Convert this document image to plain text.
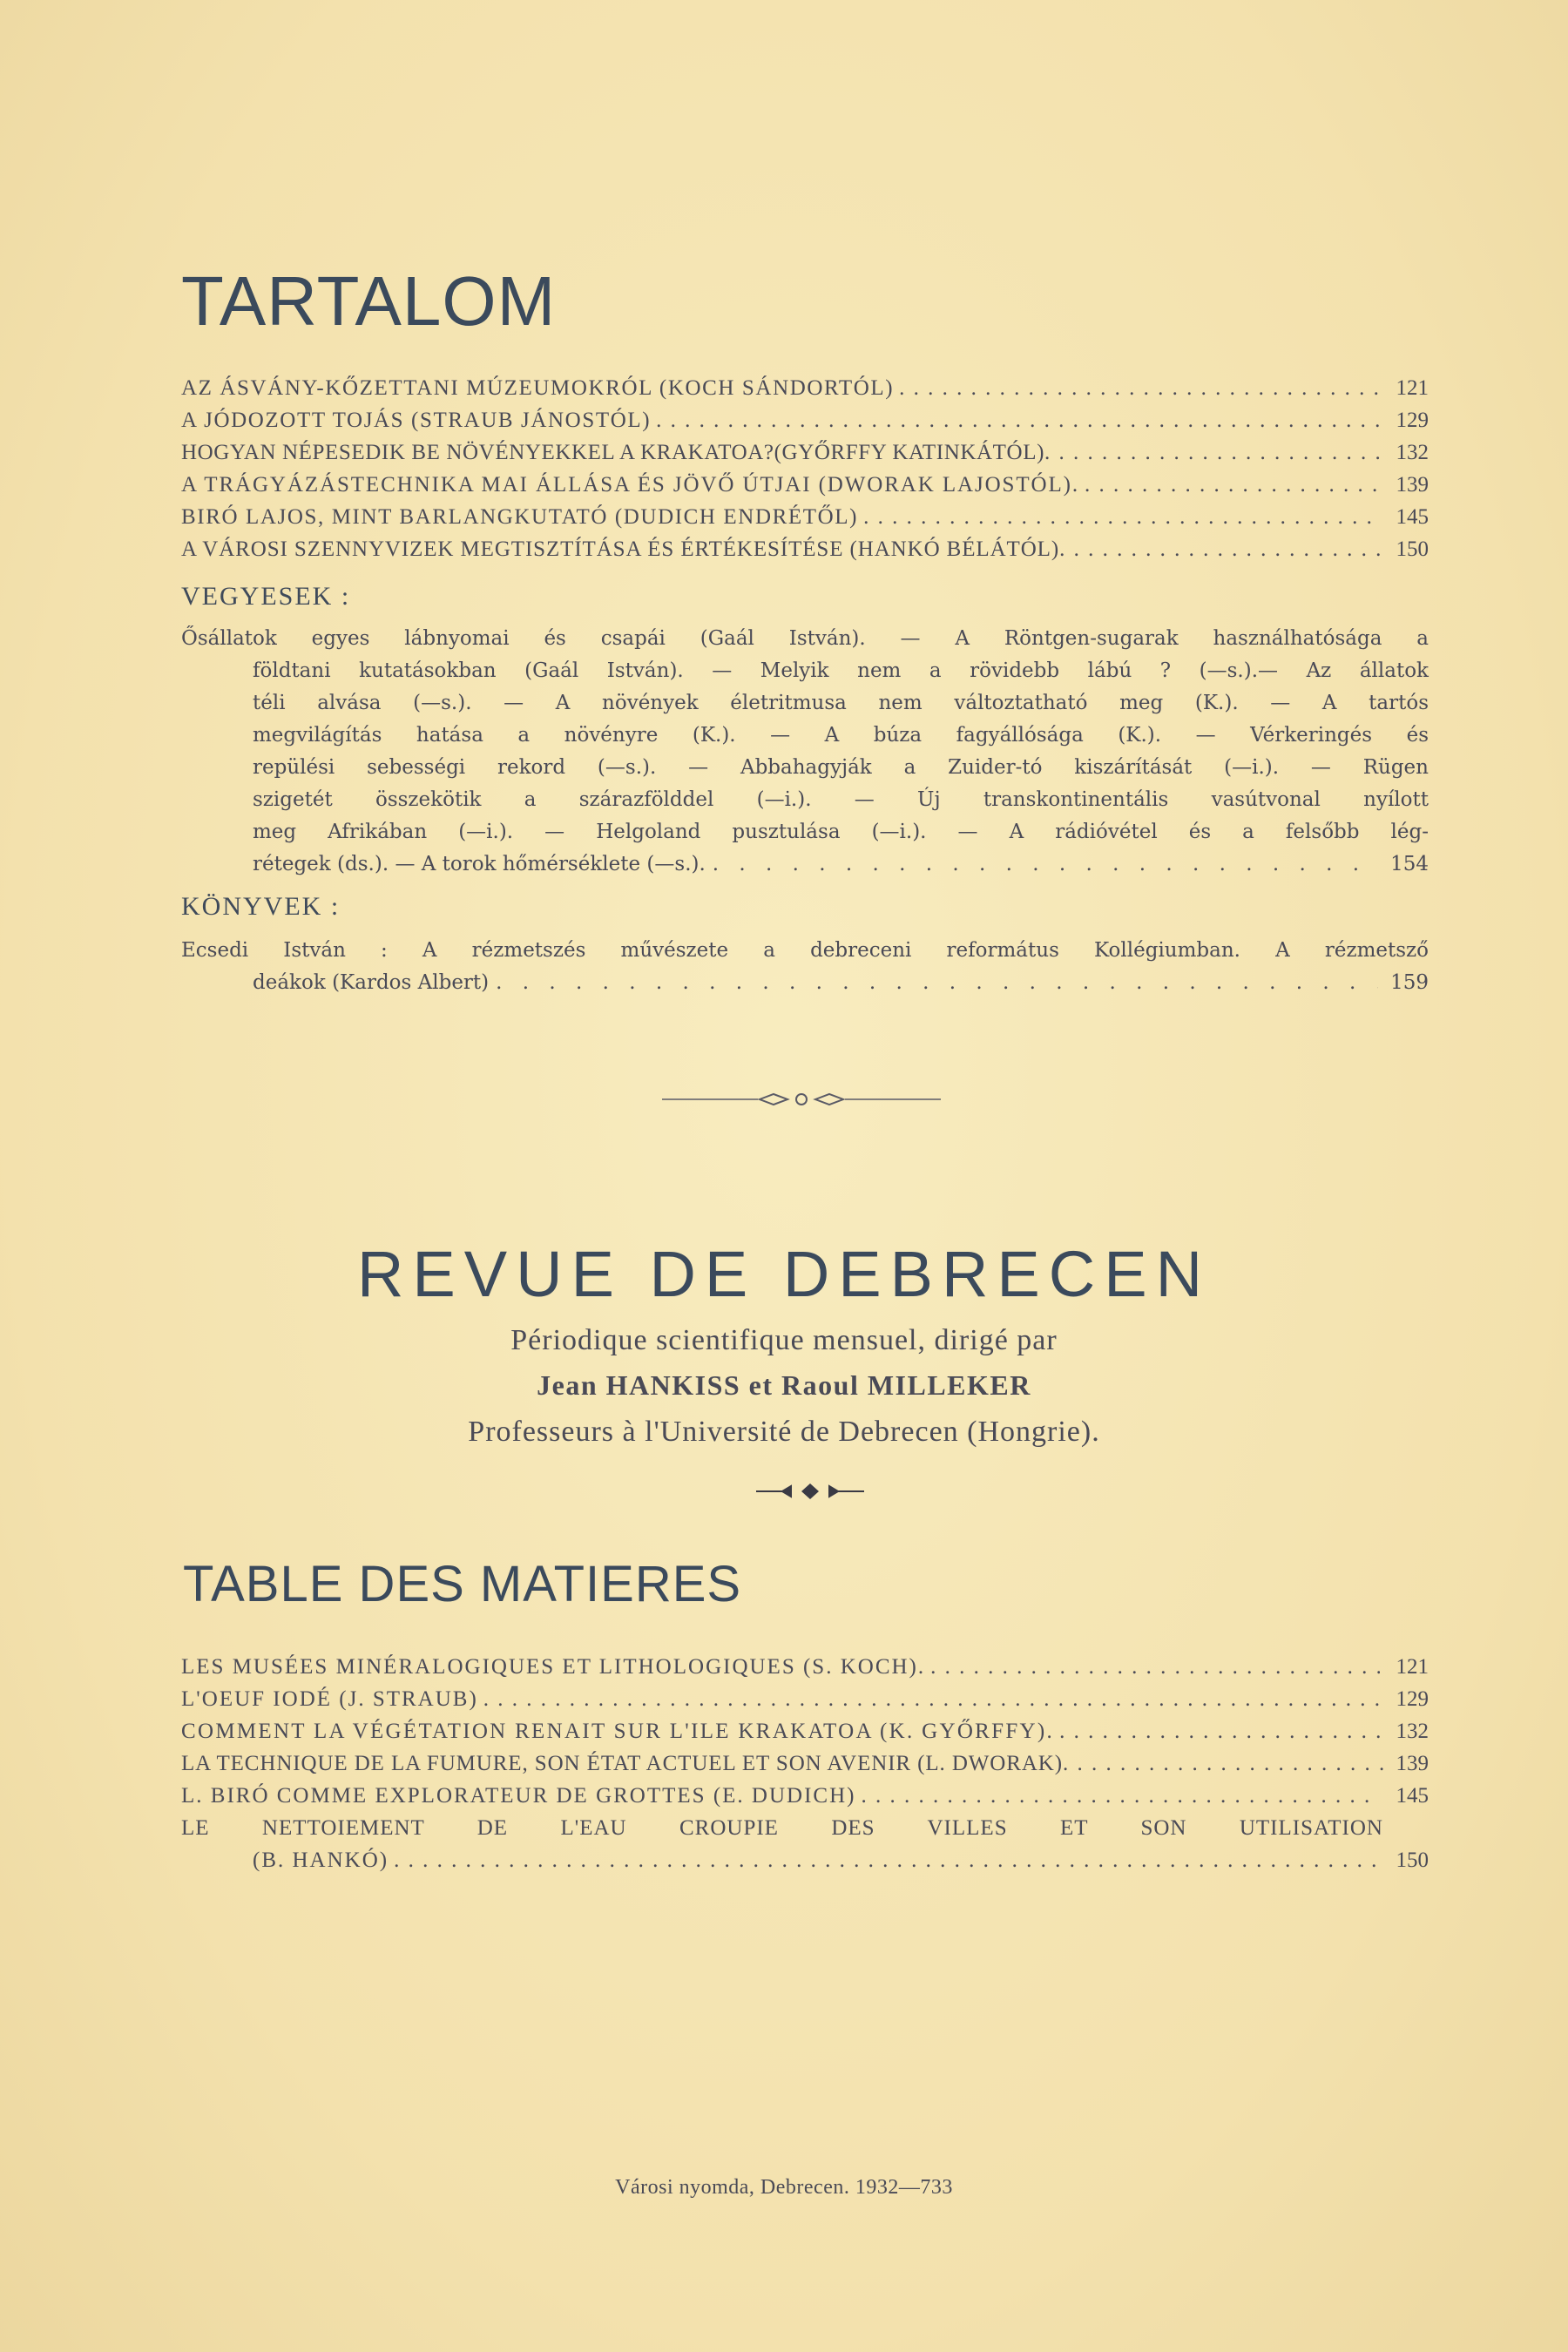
TARTALOM
AZ ÁSVÁNY-KŐZETTANI MÚZEUMOKRÓL (KOCH SÁNDORTÓL) . . .	121
A JÓDOZOTT TOJÁS (STRAUB JÁNOSTÓL) . . .	129
HOGYAN NÉPESEDIK BE NÖVÉNYEKKEL A KRAKATOA?(GYŐRFFY KATINKÁTÓL) . . .	132
A TRÁGYÁZÁSTECHNIKA MAI ÁLLÁSA ÉS JÖVŐ ÚTJAI (DWORAK LAJOSTÓL). . . .	139
BIRÓ LAJOS, MINT BARLANGKUTATÓ (DUDICH ENDRÉTŐL) . . .	145
A VÁROSI SZENNYVIZEK MEGTISZTÍTÁSA ÉS ÉRTÉKESÍTÉSE (HANKÓ BÉLÁTÓL) . . .	150
VEGYESEK :
Ősállatok egyes lábnyomai és csapái (Gaál István). — A Röntgen-sugarak használhatósága a
földtani kutatásokban (Gaál István). — Melyik nem a rövidebb lábú ? (—s.).— Az állatok
téli alvása (—s.). — A növények életritmusa nem változtatható meg (K.). — A tartós
megvilágítás hatása a növényre (K.). — A búza fagyállósága (K.). — Vérkeringés és
repülési sebességi rekord (—s.). — Abbahagyják a Zuider-tó kiszárítását (—i.). — Rügen
szigetét összekötik a szárazfölddel (—i.). — Új transkontinentális vasútvonal nyílott
meg Afrikában (—i.). — Helgoland pusztulása (—i.). — A rádióvétel és a felsőbb lég-
rétegek (ds.). — A torok hőmérséklete (—s.). . . .	154
KÖNYVEK :
Ecsedi István : A rézmetszés művészete a debreceni református Kollégiumban. A rézmetsző
deákok (Kardos Albert) . . .	159
REVUE DE DEBRECEN
Périodique scientifique mensuel, dirigé par
Jean HANKISS et Raoul MILLEKER
Professeurs à l'Université de Debrecen (Hongrie).
TABLE DES MATIERES
LES MUSÉES MINÉRALOGIQUES ET LITHOLOGIQUES (S. KOCH). . . .	121
L'OEUF IODÉ (J. STRAUB) . . .	129
COMMENT LA VÉGÉTATION RENAIT SUR L'ILE KRAKATOA (K. GYŐRFFY). . . .	132
LA TECHNIQUE DE LA FUMURE, SON ÉTAT ACTUEL ET SON AVENIR (L. DWORAK) . . .	139
L. BIRÓ COMME EXPLORATEUR DE GROTTES (E. DUDICH) . . .	145
LE NETTOIEMENT DE L'EAU CROUPIE DES VILLES ET SON UTILISATION
(B. HANKÓ) . . .	150
Városi nyomda, Debrecen. 1932—733
